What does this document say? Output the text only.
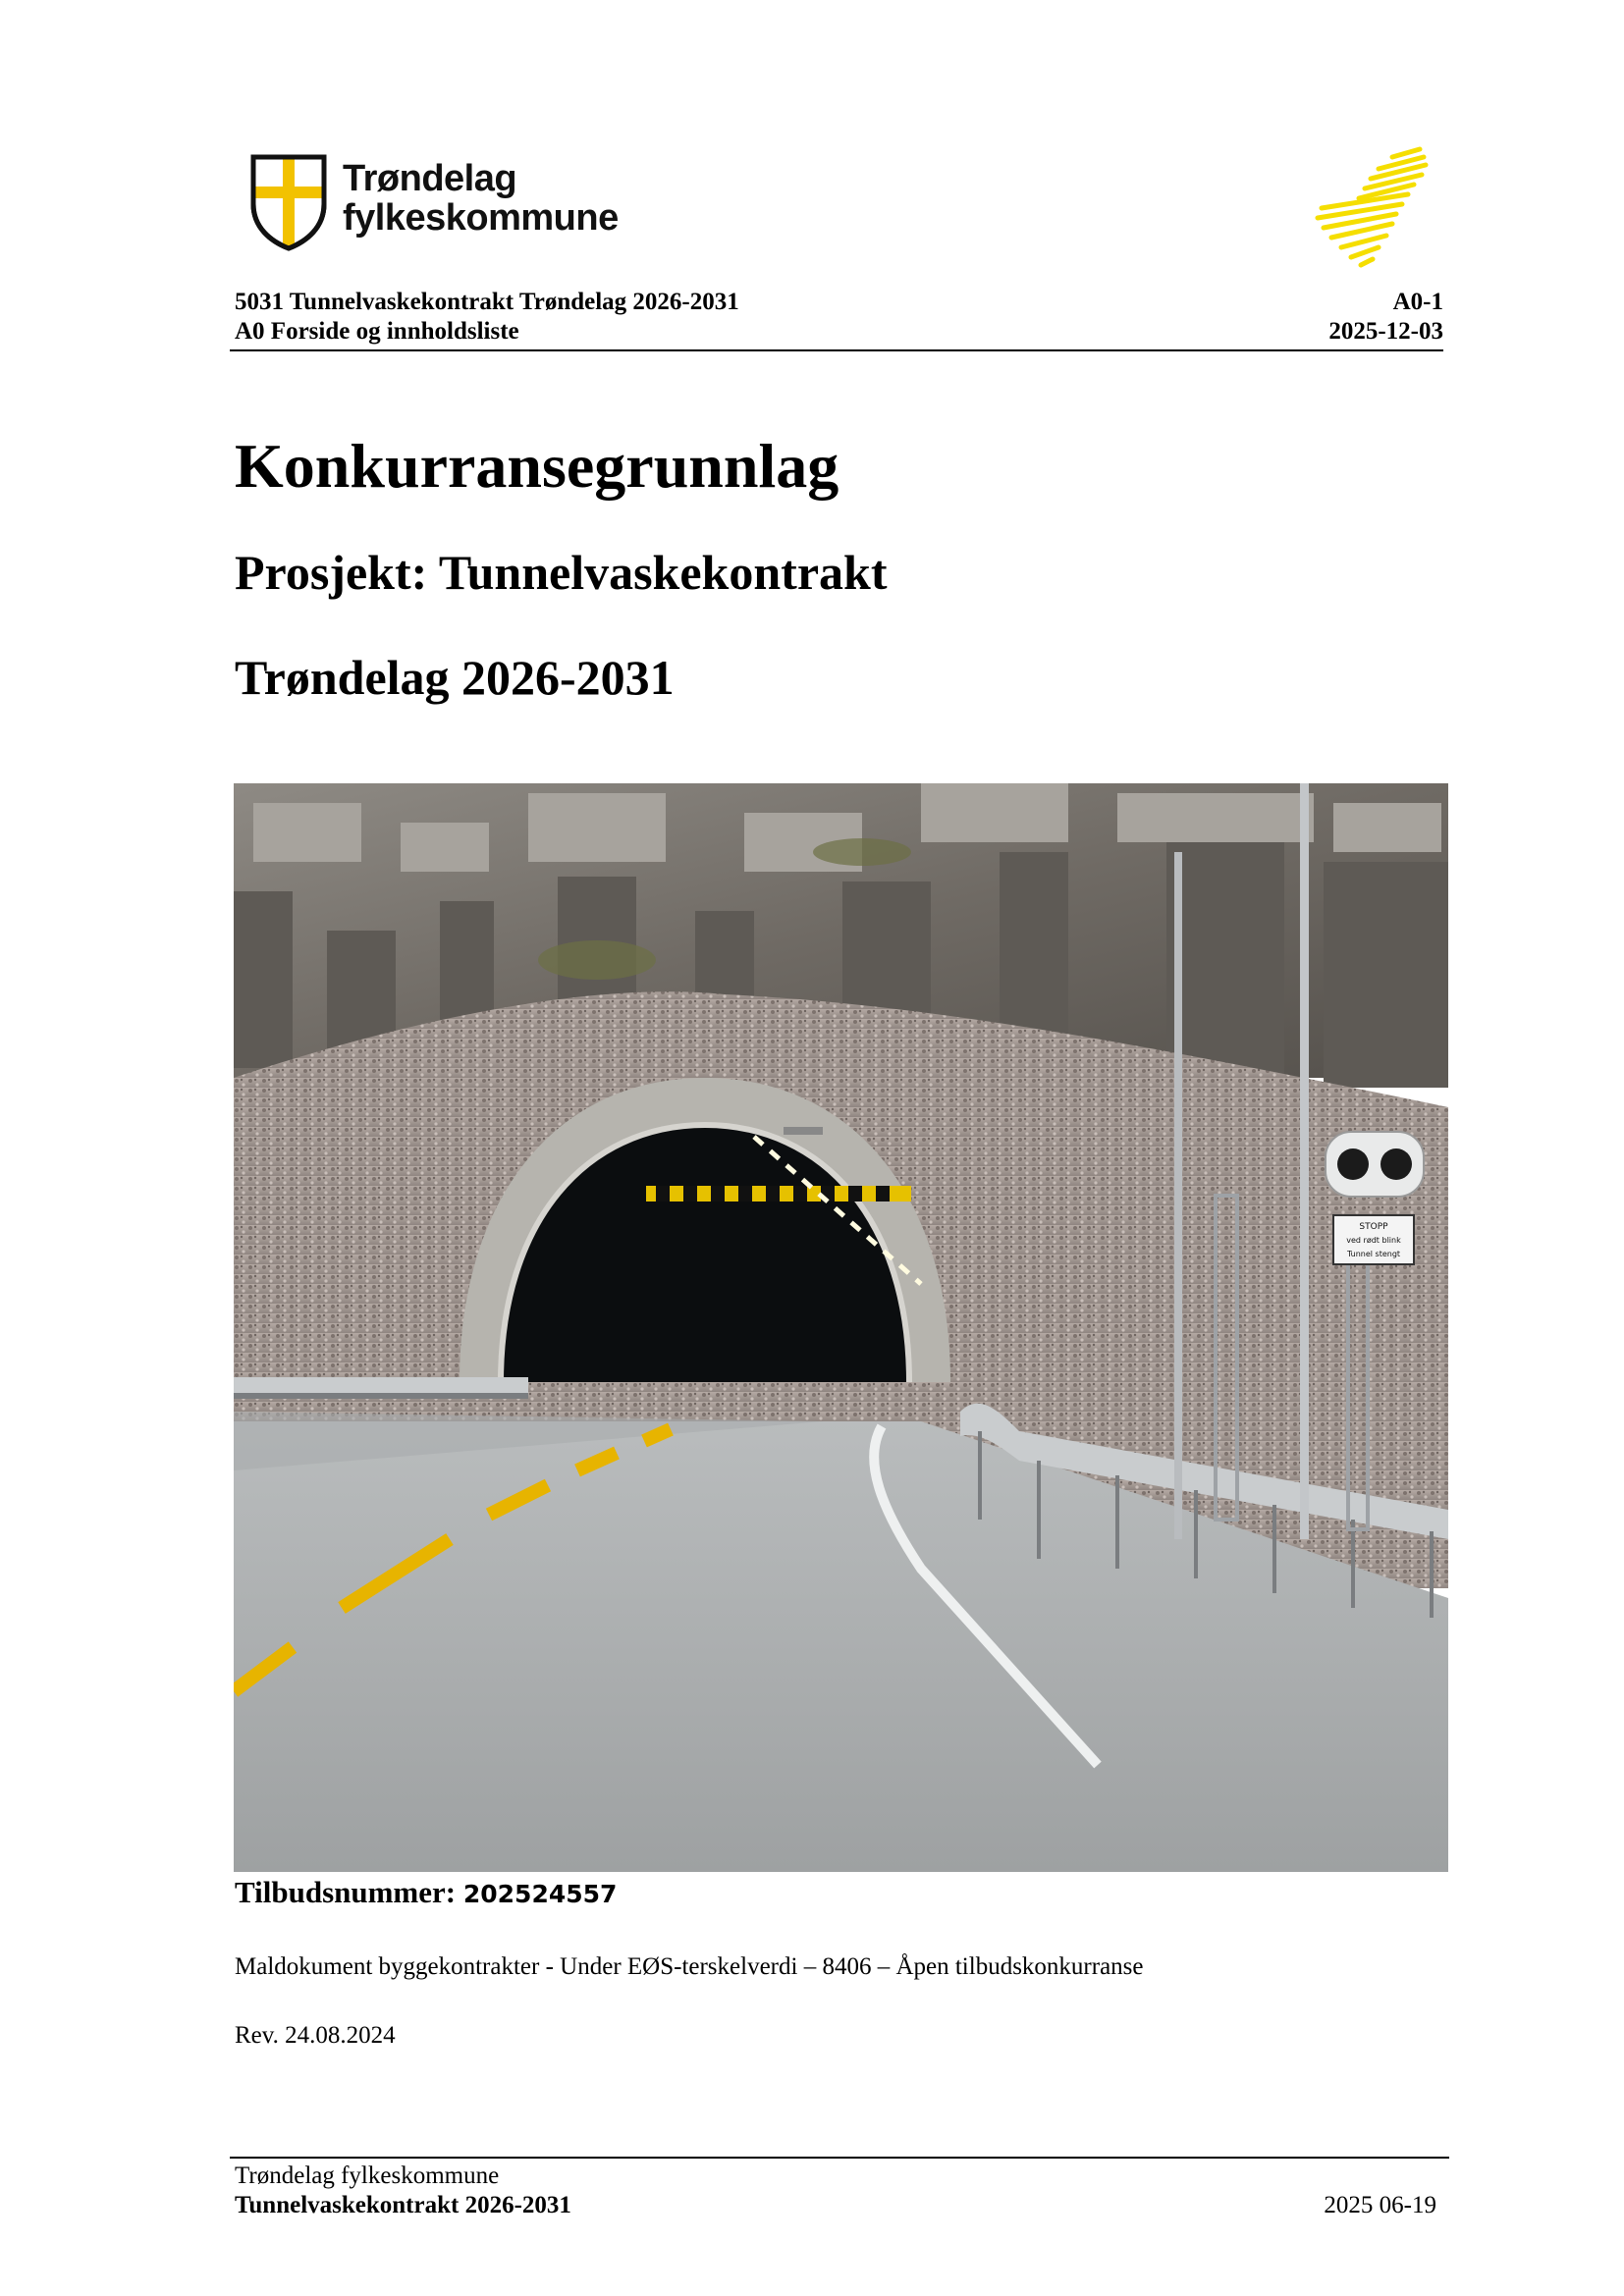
Trøndelag
fylkeskommune
5031 Tunnelvaskekontrakt Trøndelag 2026-2031
A0 Forside og innholdsliste
A0-1
2025-12-03
Konkurransegrunnlag
Prosjekt: Tunnelvaskekontrakt
Trøndelag 2026-2031
STOPP
ved rødt blink
Tunnel stengt
Tilbudsnummer: 202524557
Maldokument byggekontrakter - Under EØS-terskelverdi – 8406 – Åpen tilbudskonkurranse
Rev. 24.08.2024
Trøndelag fylkeskommune
Tunnelvaskekontrakt 2026-2031	2025 06-19
